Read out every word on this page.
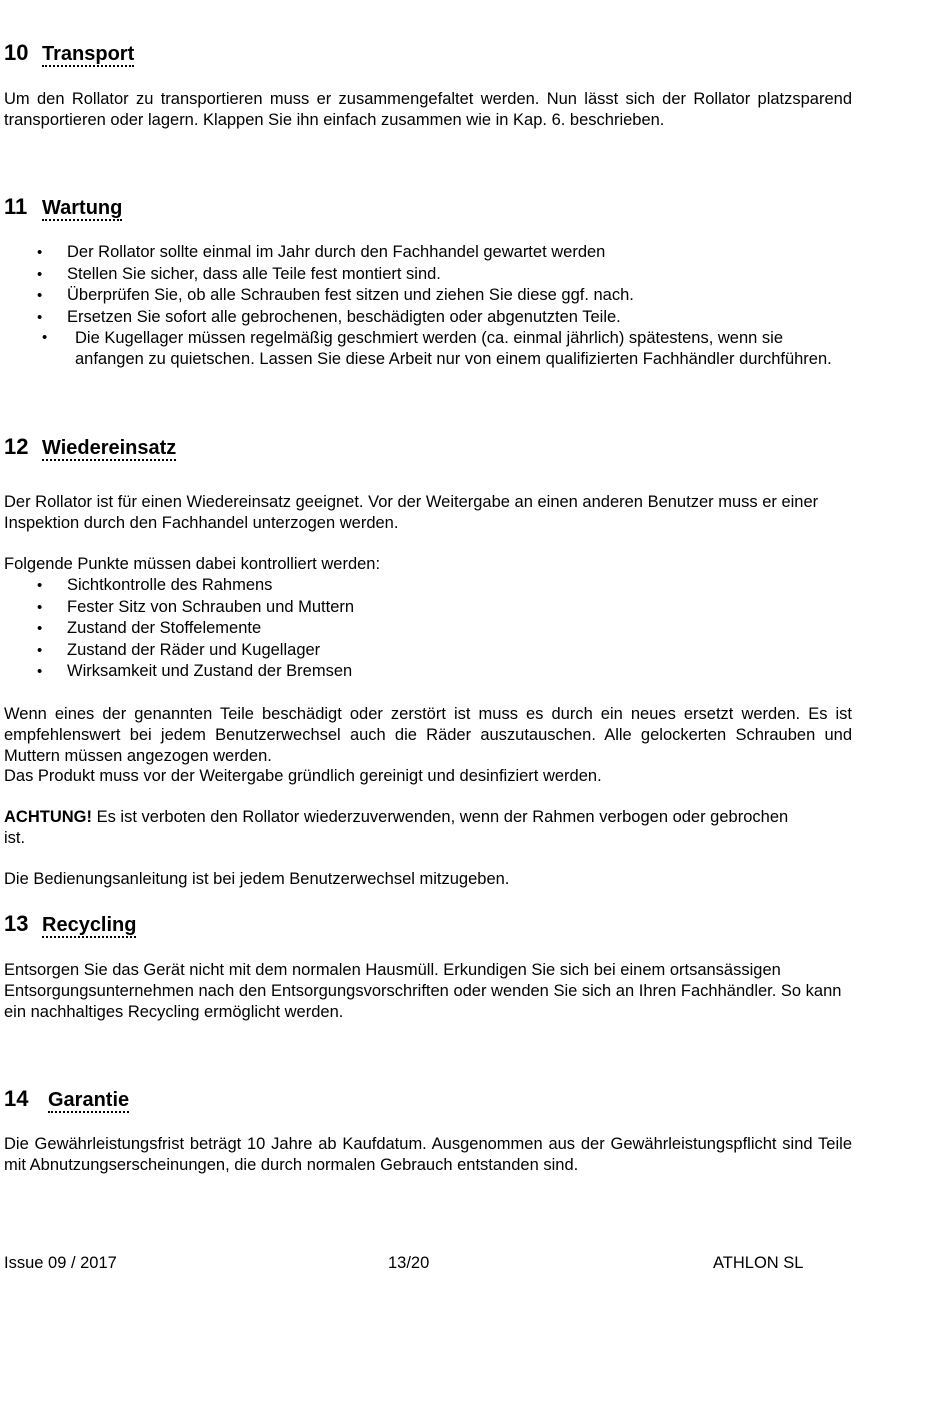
10 Transport

Um den Rollator zu transportieren muss er zusammengefaltet werden. Nun lässt sich der Rollator platzsparend transportieren oder lagern. Klappen Sie ihn einfach zusammen wie in Kap. 6. beschrieben.

11 Wartung
• Der Rollator sollte einmal im Jahr durch den Fachhandel gewartet werden
• Stellen Sie sicher, dass alle Teile fest montiert sind.
• Überprüfen Sie, ob alle Schrauben fest sitzen und ziehen Sie diese ggf. nach.
• Ersetzen Sie sofort alle gebrochenen, beschädigten oder abgenutzten Teile.
• Die Kugellager müssen regelmäßig geschmiert werden (ca. einmal jährlich) spätestens, wenn sie anfangen zu quietschen. Lassen Sie diese Arbeit nur von einem qualifizierten Fachhändler durchführen.
12 Wiedereinsatz

Der Rollator ist für einen Wiedereinsatz geeignet. Vor der Weitergabe an einen anderen Benutzer muss er einer Inspektion durch den Fachhandel unterzogen werden.

Folgende Punkte müssen dabei kontrolliert werden:

• Sichtkontrolle des Rahmens
• Fester Sitz von Schrauben und Muttern
• Zustand der Stoffelemente
• Zustand der Räder und Kugellager
• Wirksamkeit und Zustand der Bremsen

Wenn eines der genannten Teile beschädigt oder zerstört ist muss es durch ein neues ersetzt werden. Es ist empfehlenswert bei jedem Benutzerwechsel auch die Räder auszutauschen. Alle gelockerten Schrauben und Muttern müssen angezogen werden.

Das Produkt muss vor der Weitergabe gründlich gereinigt und desinfiziert werden.

ACHTUNG! Es ist verboten den Rollator wiederzuverwenden, wenn der Rahmen verbogen oder gebrochen ist.

Die Bedienungsanleitung ist bei jedem Benutzerwechsel mitzugeben.

13 Recycling

Entsorgen Sie das Gerät nicht mit dem normalen Hausmüll. Erkundigen Sie sich bei einem ortsansässigen Entsorgungsunternehmen nach den Entsorgungsvorschriften oder wenden Sie sich an Ihren Fachhändler. So kann ein nachhaltiges Recycling ermöglicht werden.

14 Garantie

Die Gewährleistungsfrist beträgt 10 Jahre ab Kaufdatum. Ausgenommen aus der Gewährleistungspflicht sind Teile mit Abnutzungserscheinungen, die durch normalen Gebrauch entstanden sind.

Issue 09 / 2017	13/20	ATHLON SL
